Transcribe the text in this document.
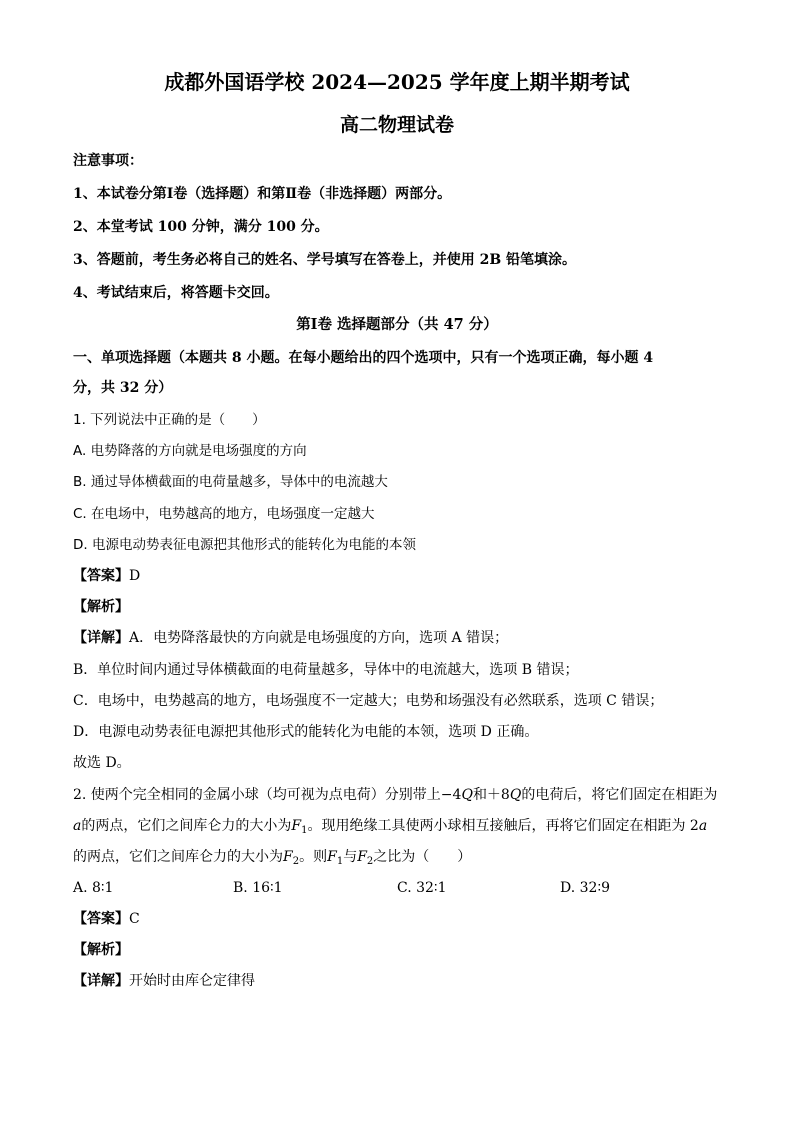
成都外国语学校 2024—2025 学年度上期半期考试
高二物理试卷
注意事项：
1、本试卷分第Ⅰ卷（选择题）和第Ⅱ卷（非选择题）两部分。
2、本堂考试 100 分钟，满分 100 分。
3、答题前，考生务必将自己的姓名、学号填写在答卷上，并使用 2B 铅笔填涂。
4、考试结束后，将答题卡交回。
第Ⅰ卷 选择题部分（共 47 分）
一、单项选择题（本题共 8 小题。在每小题给出的四个选项中，只有一个选项正确，每小题 4
分，共 32 分）
1. 下列说法中正确的是（　　）
A. 电势降落的方向就是电场强度的方向
B. 通过导体横截面的电荷量越多，导体中的电流越大
C. 在电场中，电势越高的地方，电场强度一定越大
D. 电源电动势表征电源把其他形式的能转化为电能的本领
【答案】D
【解析】
【详解】A．电势降落最快的方向就是电场强度的方向，选项 A 错误；
B．单位时间内通过导体横截面的电荷量越多，导体中的电流越大，选项 B 错误；
C．电场中，电势越高的地方，电场强度不一定越大；电势和场强没有必然联系，选项 C 错误；
D．电源电动势表征电源把其他形式的能转化为电能的本领，选项 D 正确。
故选 D。
2. 使两个完全相同的金属小球（均可视为点电荷）分别带上−4Q和＋8Q的电荷后，将它们固定在相距为
a的两点，它们之间库仑力的大小为$F_1$。现用绝缘工具使两小球相互接触后，再将它们固定在相距为 2a
的两点，它们之间库仑力的大小为$F_2$。则$F_1$与$F_2$之比为（　　）
A. 8∶1	B. 16∶1	C. 32∶1	D. 32∶9
【答案】C
【解析】
【详解】开始时由库仑定律得
